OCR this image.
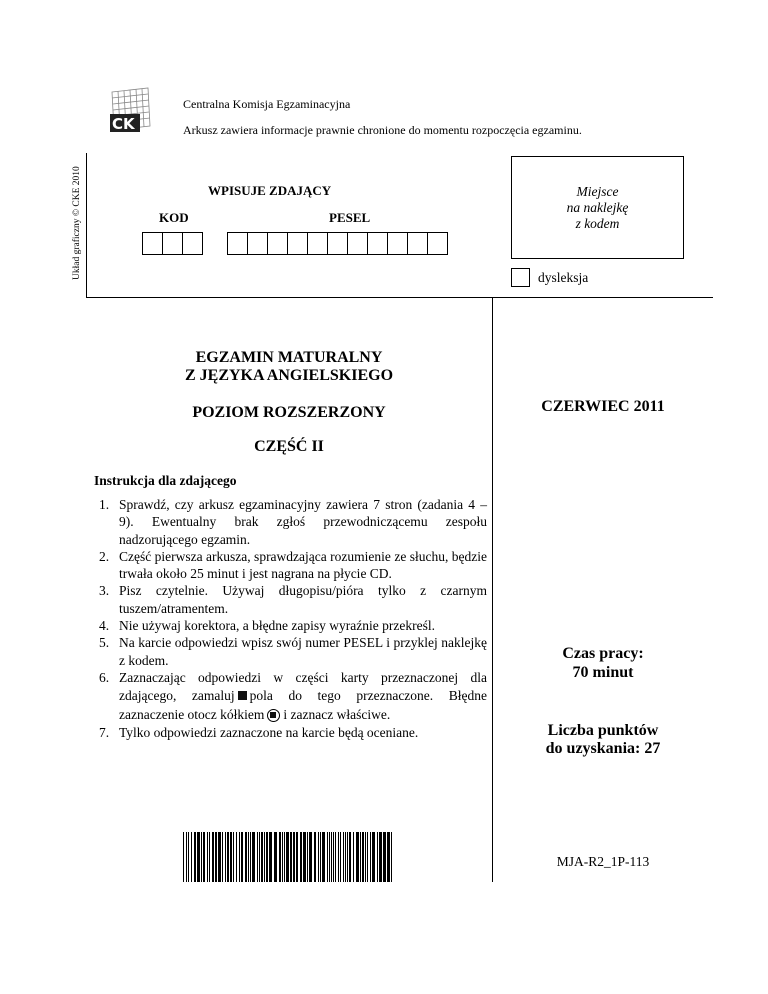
CK
Układ graficzny © CKE 2010
Centralna Komisja Egzaminacyjna
Arkusz zawiera informacje prawnie chronione do momentu rozpoczęcia egzaminu.
WPISUJE ZDAJĄCY
KOD	PESEL
Miejsce
na naklejkę
z kodem
dysleksja
EGZAMIN MATURALNY
Z JĘZYKA ANGIELSKIEGO
POZIOM ROZSZERZONY
CZĘŚĆ II
Instrukcja dla zdającego
1. Sprawdź, czy arkusz egzaminacyjny zawiera 7 stron (zadania 4 – 9). Ewentualny brak zgłoś przewodniczącemu zespołu nadzorującego egzamin.
2. Część pierwsza arkusza, sprawdzająca rozumienie ze słuchu, będzie trwała około 25 minut i jest nagrana na płycie CD.
3. Pisz czytelnie. Używaj długopisu/pióra tylko z czarnym tuszem/atramentem.
4. Nie używaj korektora, a błędne zapisy wyraźnie przekreśl.
5. Na karcie odpowiedzi wpisz swój numer PESEL i przyklej naklejkę z kodem.
6. Zaznaczając odpowiedzi w części karty przeznaczonej dla zdającego, zamaluj pola do tego przeznaczone. Błędne zaznaczenie otocz kółkiem i zaznacz właściwe.
7. Tylko odpowiedzi zaznaczone na karcie będą oceniane.
CZERWIEC 2011
Czas pracy:
70 minut
Liczba punktów
do uzyskania: 27
MJA-R2_1P-113
